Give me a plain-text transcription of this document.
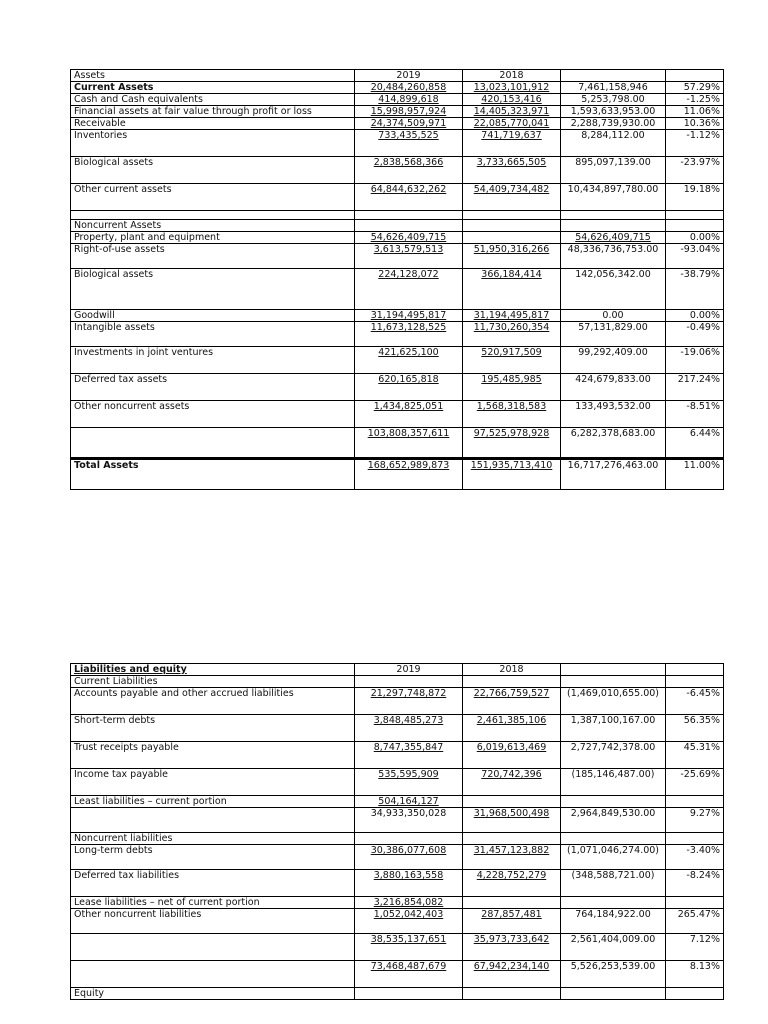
Assets	2019	2018		
Current Assets	20,484,260,858	13,023,101,912	7,461,158,946	57.29%
Cash and Cash equivalents	414,899,618	420,153,416	5,253,798.00	-1.25%
Financial assets at fair value through profit or loss	15,998,957,924	14,405,323,971	1,593,633,953.00	11.06%
Receivable	24,374,509,971	22,085,770,041	2,288,739,930.00	10.36%
Inventories	733,435,525	741,719,637	8,284,112.00	-1.12%
Biological assets	2,838,568,366	3,733,665,505	895,097,139.00	-23.97%
Other current assets	64,844,632,262	54,409,734,482	10,434,897,780.00	19.18%

Noncurrent Assets				
Property, plant and equipment	54,626,409,715		54,626,409,715	0.00%
Right-of-use assets	3,613,579,513	51,950,316,266	48,336,736,753.00	-93.04%
Biological assets	224,128,072	366,184,414	142,056,342.00	-38.79%
Goodwill	31,194,495,817	31,194,495,817	0.00	0.00%
Intangible assets	11,673,128,525	11,730,260,354	57,131,829.00	-0.49%
Investments in joint ventures	421,625,100	520,917,509	99,292,409.00	-19.06%
Deferred tax assets	620,165,818	195,485,985	424,679,833.00	217.24%
Other noncurrent assets	1,434,825,051	1,568,318,583	133,493,532.00	-8.51%
	103,808,357,611	97,525,978,928	6,282,378,683.00	6.44%
Total Assets	168,652,989,873	151,935,713,410	16,717,276,463.00	11.00%
Liabilities and equity	2019	2018		
Current Liabilities				
Accounts payable and other accrued liabilities	21,297,748,872	22,766,759,527	(1,469,010,655.00)	-6.45%
Short-term debts	3,848,485,273	2,461,385,106	1,387,100,167.00	56.35%
Trust receipts payable	8,747,355,847	6,019,613,469	2,727,742,378.00	45.31%
Income tax payable	535,595,909	720,742,396	(185,146,487.00)	-25.69%
Least liabilities – current portion	504,164,127			
	34,933,350,028	31,968,500,498	2,964,849,530.00	9.27%
Noncurrent liabilities				
Long-term debts	30,386,077,608	31,457,123,882	(1,071,046,274.00)	-3.40%
Deferred tax liabilities	3,880,163,558	4,228,752,279	(348,588,721.00)	-8.24%
Lease liabilities – net of current portion	3,216,854,082			
Other noncurrent liabilities	1,052,042,403	287,857,481	764,184,922.00	265.47%
	38,535,137,651	35,973,733,642	2,561,404,009.00	7.12%
	73,468,487,679	67,942,234,140	5,526,253,539.00	8.13%
Equity				
